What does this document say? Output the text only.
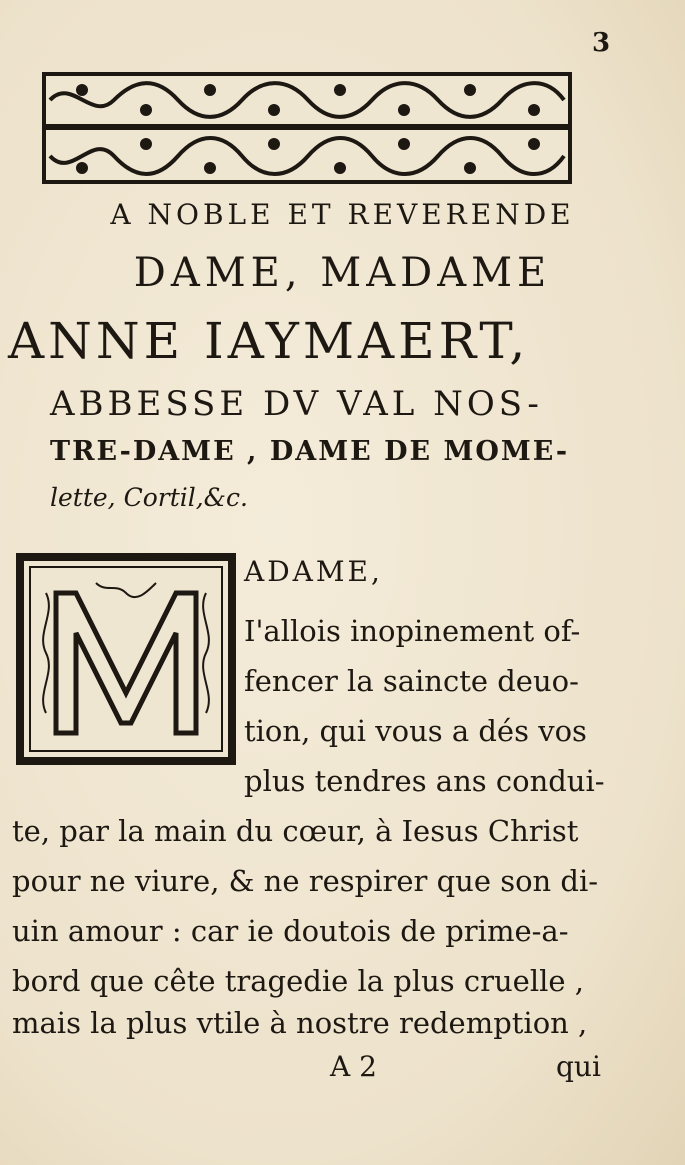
3
A NOBLE ET REVERENDE
DAME, MADAME
ANNE IAYMAERT,
ABBESSE DV VAL NOS-
TRE-DAME , DAME DE MOME-
lette, Cortil,&c.
ADAME,
I'allois inopinement of-
fencer la saincte deuo-
tion, qui vous a dés vos
plus tendres ans condui-
te, par la main du cœur, à Iesus Christ
pour ne viure, & ne respirer que son di-
uin amour : car ie doutois de prime-a-
bord que cête tragedie la plus cruelle ,
mais la plus vtile à nostre redemption ,
A 2	qui
